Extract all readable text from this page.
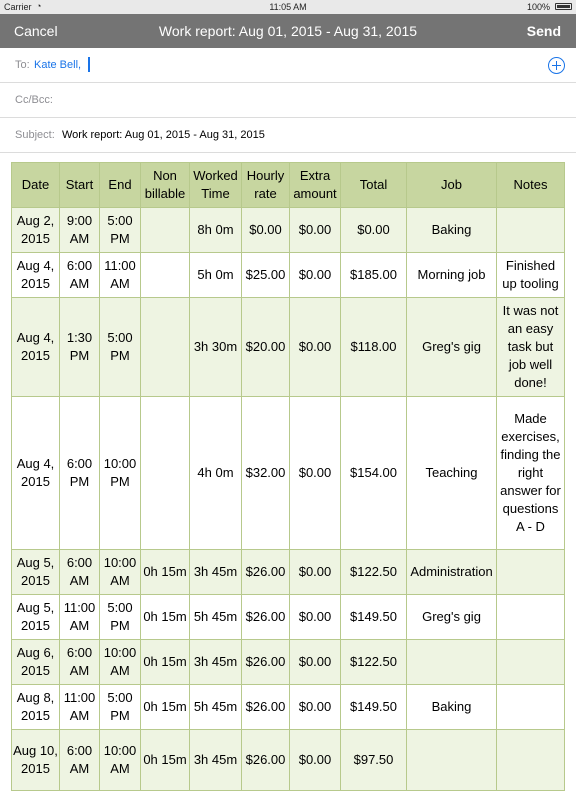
Carrier ◔	11:05 AM	100%
Cancel	Work report: Aug 01, 2015 - Aug 31, 2015	Send
To: Kate Bell,
Cc/Bcc:
Subject: Work report: Aug 01, 2015 - Aug 31, 2015
Date	Start	End	Non billable	Worked Time	Hourly rate	Extra amount	Total	Job	Notes
Aug 2, 2015	9:00 AM	5:00 PM		8h 0m	$0.00	$0.00	$0.00	Baking	
Aug 4, 2015	6:00 AM	11:00 AM		5h 0m	$25.00	$0.00	$185.00	Morning job	Finished up tooling
Aug 4, 2015	1:30 PM	5:00 PM		3h 30m	$20.00	$0.00	$118.00	Greg's gig	It was not an easy task but job well done!
Aug 4, 2015	6:00 PM	10:00 PM		4h 0m	$32.00	$0.00	$154.00	Teaching	Made exercises, finding the right answer for questions A - D
Aug 5, 2015	6:00 AM	10:00 AM	0h 15m	3h 45m	$26.00	$0.00	$122.50	Administration	
Aug 5, 2015	11:00 AM	5:00 PM	0h 15m	5h 45m	$26.00	$0.00	$149.50	Greg's gig	
Aug 6, 2015	6:00 AM	10:00 AM	0h 15m	3h 45m	$26.00	$0.00	$122.50		
Aug 8, 2015	11:00 AM	5:00 PM	0h 15m	5h 45m	$26.00	$0.00	$149.50	Baking	
Aug 10, 2015	6:00 AM	10:00 AM	0h 15m	3h 45m	$26.00	$0.00	$97.50		
